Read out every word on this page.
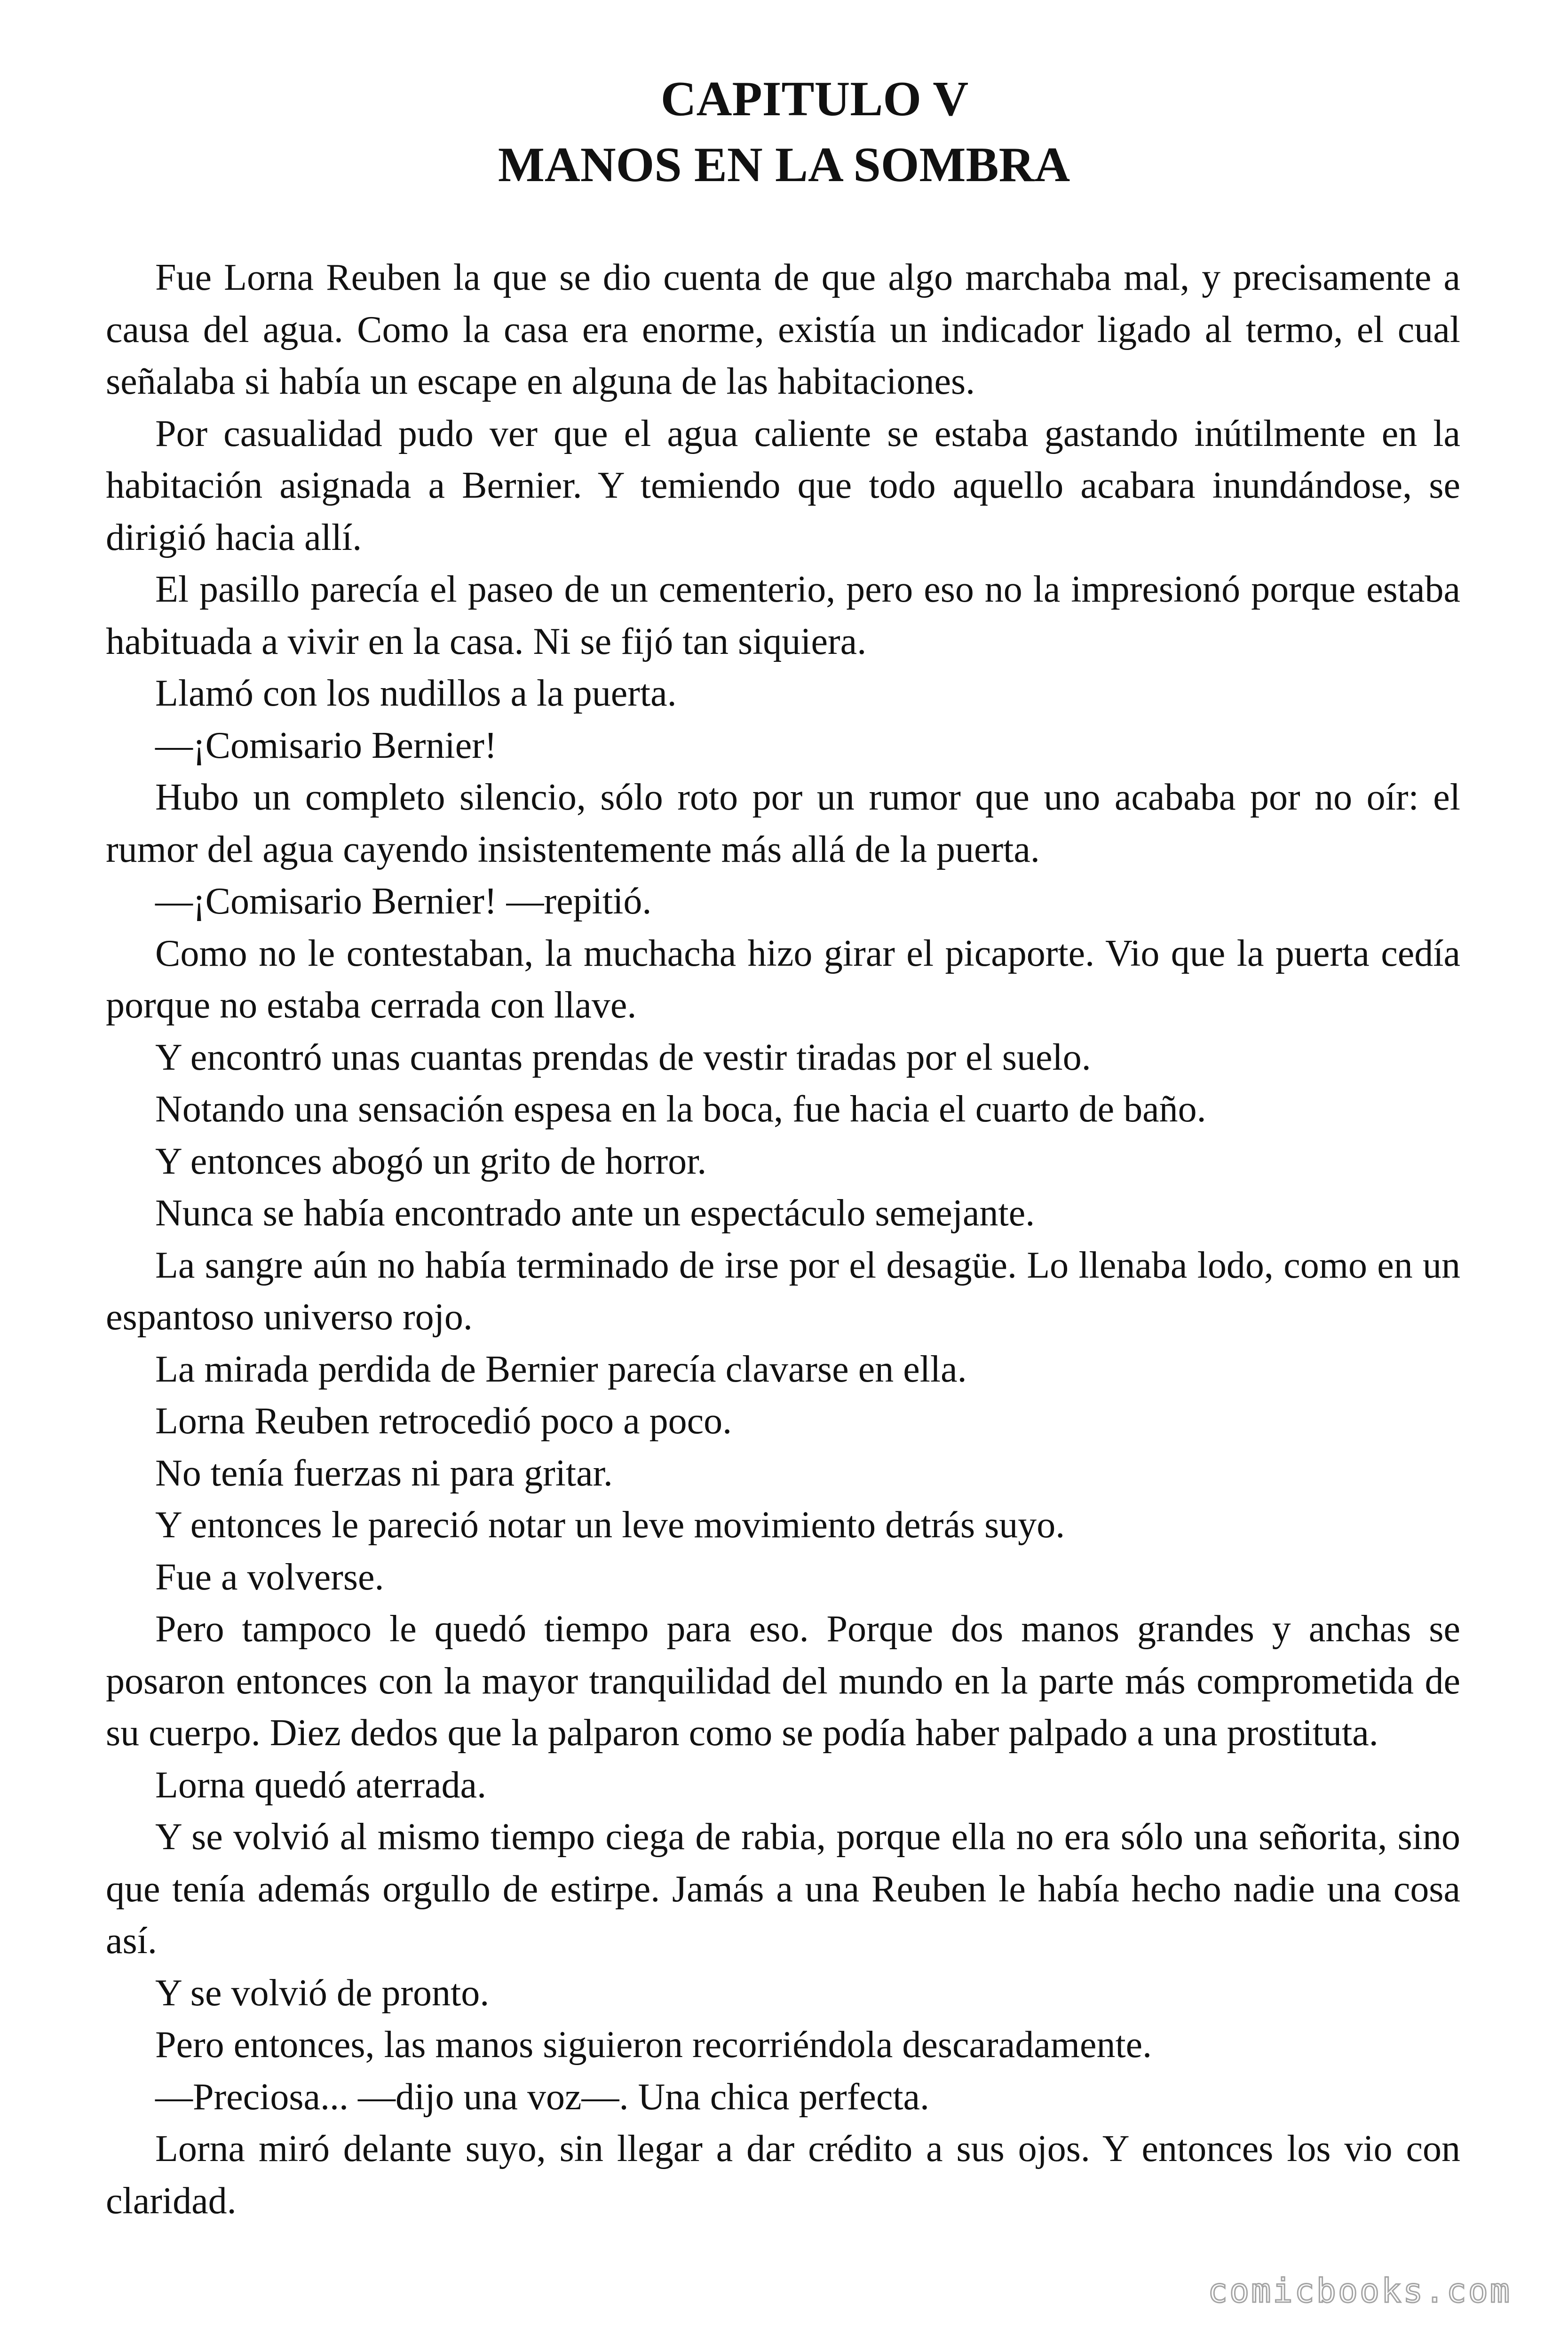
CAPITULO V
MANOS EN LA SOMBRA

Fue Lorna Reuben la que se dio cuenta de que algo marchaba mal, y precisamente a causa del agua. Como la casa era enorme, existía un indicador ligado al termo, el cual señalaba si había un escape en alguna de las habitaciones.

Por casualidad pudo ver que el agua caliente se estaba gastando inútilmente en la habitación asignada a Bernier. Y temiendo que todo aquello acabara inundándose, se dirigió hacia allí.

El pasillo parecía el paseo de un cementerio, pero eso no la impresionó porque estaba habituada a vivir en la casa. Ni se fijó tan siquiera.

Llamó con los nudillos a la puerta.

—¡Comisario Bernier!

Hubo un completo silencio, sólo roto por un rumor que uno acababa por no oír: el rumor del agua cayendo insistentemente más allá de la puerta.

—¡Comisario Bernier! —repitió.

Como no le contestaban, la muchacha hizo girar el picaporte. Vio que la puerta cedía porque no estaba cerrada con llave.

Y encontró unas cuantas prendas de vestir tiradas por el suelo.

Notando una sensación espesa en la boca, fue hacia el cuarto de baño.

Y entonces abogó un grito de horror.

Nunca se había encontrado ante un espectáculo semejante.

La sangre aún no había terminado de irse por el desagüe. Lo llenaba lodo, como en un espantoso universo rojo.

La mirada perdida de Bernier parecía clavarse en ella.

Lorna Reuben retrocedió poco a poco.

No tenía fuerzas ni para gritar.

Y entonces le pareció notar un leve movimiento detrás suyo.

Fue a volverse.

Pero tampoco le quedó tiempo para eso. Porque dos manos grandes y anchas se posaron entonces con la mayor tranquilidad del mundo en la parte más comprometida de su cuerpo. Diez dedos que la palparon como se podía haber palpado a una prostituta.

Lorna quedó aterrada.

Y se volvió al mismo tiempo ciega de rabia, porque ella no era sólo una señorita, sino que tenía además orgullo de estirpe. Jamás a una Reuben le había hecho nadie una cosa así.

Y se volvió de pronto.

Pero entonces, las manos siguieron recorriéndola descaradamente.

—Preciosa... —dijo una voz—. Una chica perfecta.

Lorna miró delante suyo, sin llegar a dar crédito a sus ojos. Y entonces los vio con claridad.

comicbooks.com
